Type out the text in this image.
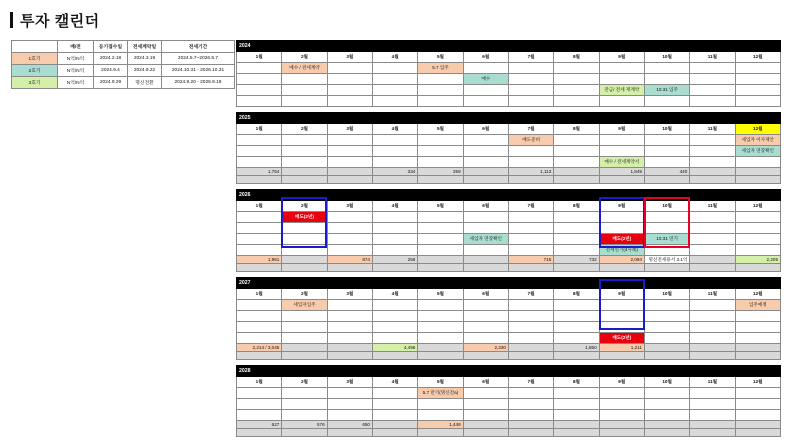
투자 캘린더
	매/전	등기접수일	전세계약일	전세기간
1호기	N억/N억	2024.2.18	2024.3.19	2024.5.7~2026.5.7
2호기	N억/N억	2024.9.4	2024.9.22	2024.10.31 - 2026.10.31
3호기	N억/N억	2024.9.29	명신전환	2024.9.20 - 2026.9.19
2024											
1월	2월	3월	4월	5월	6월	7월	8월	9월	10월	11월	12월
	매수 / 전세계약			5.7 입주							
					매수						
								잔금/ 전세 재계약	10.31 입주		

2025											
1월	2월	3월	4월	5월	6월	7월	8월	9월	10월	11월	12월
						매도준비					세입자 이사제안
											세입자 연장확인
								매수 / 전세계약서			
1,754			334	259		1,113		1,849	440		

2026											
1월	2월	3월	4월	5월	6월	7월	8월	9월	10월	11월	12월
	매도(2년)										

					세입자 연장확인			매도(2년)	10.31 연기		
								전세연기(4사례)			
1,961		874	258			715	732	2,094	명신전세용서 3.1억		2,205

2027											
1월	2월	3월	4월	5월	6월	7월	8월	9월	10월	11월	12월
	세입자입주										입주예정

								매도(2년)			
2,214 / 3,045			4,496		2,330		1,850	1,211			

2028											
1월	2월	3월	4월	5월	6월	7월	8월	9월	10월	11월	12월
				5.7 만기(명신전a)							

627	576	650		1,448							
